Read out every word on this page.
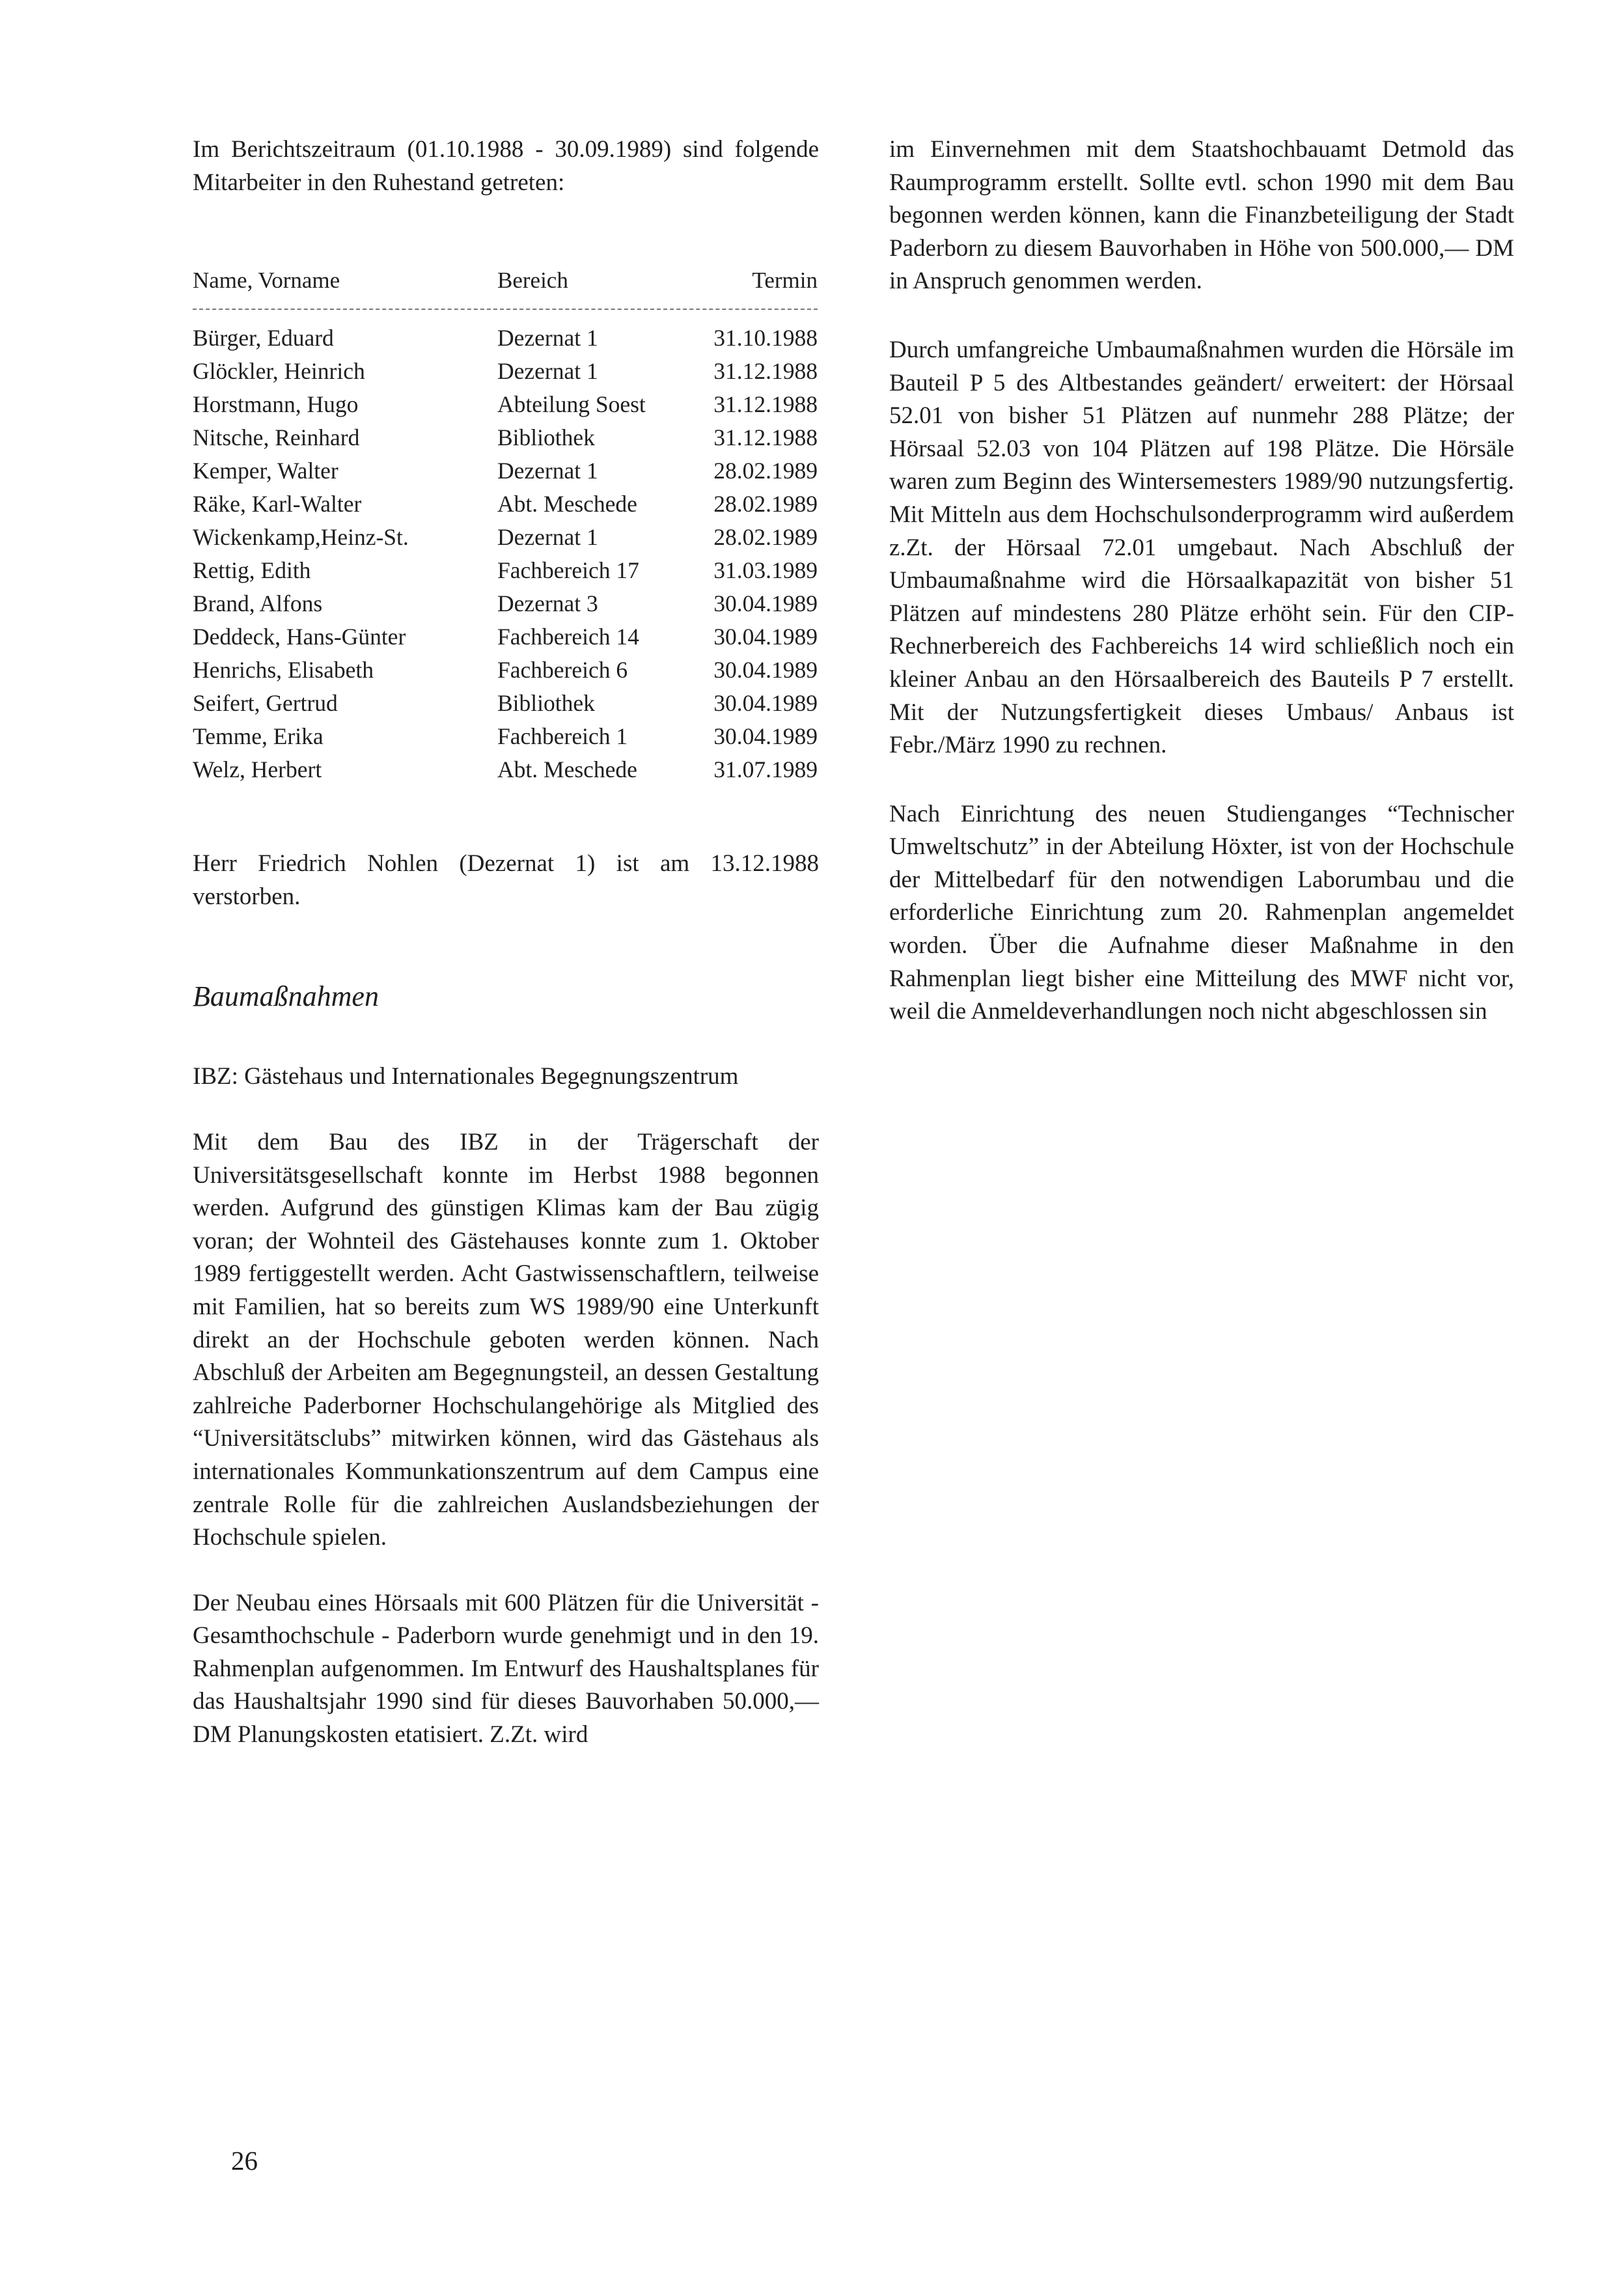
Im Berichtszeitraum (01.10.1988 - 30.09.1989) sind folgende Mitarbeiter in den Ruhestand getreten:

Name, Vorname	Bereich	Termin
Bürger, Eduard	Dezernat 1	31.10.1988
Glöckler, Heinrich	Dezernat 1	31.12.1988
Horstmann, Hugo	Abteilung Soest	31.12.1988
Nitsche, Reinhard	Bibliothek	31.12.1988
Kemper, Walter	Dezernat 1	28.02.1989
Räke, Karl-Walter	Abt. Meschede	28.02.1989
Wickenkamp,Heinz-St.	Dezernat 1	28.02.1989
Rettig, Edith	Fachbereich 17	31.03.1989
Brand, Alfons	Dezernat 3	30.04.1989
Deddeck, Hans-Günter	Fachbereich 14	30.04.1989
Henrichs, Elisabeth	Fachbereich 6	30.04.1989
Seifert, Gertrud	Bibliothek	30.04.1989
Temme, Erika	Fachbereich 1	30.04.1989
Welz, Herbert	Abt. Meschede	31.07.1989

Herr Friedrich Nohlen (Dezernat 1) ist am 13.12.1988 verstorben.

Baumaßnahmen

IBZ: Gästehaus und Internationales Begegnungszentrum

Mit dem Bau des IBZ in der Trägerschaft der Universitätsgesellschaft konnte im Herbst 1988 begonnen werden. Aufgrund des günstigen Klimas kam der Bau zügig voran; der Wohnteil des Gästehauses konnte zum 1. Oktober 1989 fertiggestellt werden. Acht Gastwissenschaftlern, teilweise mit Familien, hat so bereits zum WS 1989/90 eine Unterkunft direkt an der Hochschule geboten werden können. Nach Abschluß der Arbeiten am Begegnungsteil, an dessen Gestaltung zahlreiche Paderborner Hochschulangehörige als Mitglied des “Universitätsclubs” mitwirken können, wird das Gästehaus als internationales Kommunkationszentrum auf dem Campus eine zentrale Rolle für die zahlreichen Auslandsbeziehungen der Hochschule spielen.

Der Neubau eines Hörsaals mit 600 Plätzen für die Universität - Gesamthochschule - Paderborn wurde genehmigt und in den 19. Rahmenplan aufgenommen. Im Entwurf des Haushaltsplanes für das Haushaltsjahr 1990 sind für dieses Bauvorhaben 50.000,— DM Planungskosten etatisiert. Z.Zt. wird

im Einvernehmen mit dem Staatshochbauamt Detmold das Raumprogramm erstellt. Sollte evtl. schon 1990 mit dem Bau begonnen werden können, kann die Finanzbeteiligung der Stadt Paderborn zu diesem Bauvorhaben in Höhe von 500.000,— DM in Anspruch genommen werden.

Durch umfangreiche Umbaumaßnahmen wurden die Hörsäle im Bauteil P 5 des Altbestandes geändert/ erweitert: der Hörsaal 52.01 von bisher 51 Plätzen auf nunmehr 288 Plätze; der Hörsaal 52.03 von 104 Plätzen auf 198 Plätze. Die Hörsäle waren zum Beginn des Wintersemesters 1989/90 nutzungsfertig. Mit Mitteln aus dem Hochschulsonderprogramm wird außerdem z.Zt. der Hörsaal 72.01 umgebaut. Nach Abschluß der Umbaumaßnahme wird die Hörsaalkapazität von bisher 51 Plätzen auf mindestens 280 Plätze erhöht sein. Für den CIP-Rechnerbereich des Fachbereichs 14 wird schließlich noch ein kleiner Anbau an den Hörsaalbereich des Bauteils P 7 erstellt. Mit der Nutzungsfertigkeit dieses Umbaus/ Anbaus ist Febr./März 1990 zu rechnen.

Nach Einrichtung des neuen Studienganges “Technischer Umweltschutz” in der Abteilung Höxter, ist von der Hochschule der Mittelbedarf für den notwendigen Laborumbau und die erforderliche Einrichtung zum 20. Rahmenplan angemeldet worden. Über die Aufnahme dieser Maßnahme in den Rahmenplan liegt bisher eine Mitteilung des MWF nicht vor, weil die Anmeldeverhandlungen noch nicht abgeschlossen sin

26
